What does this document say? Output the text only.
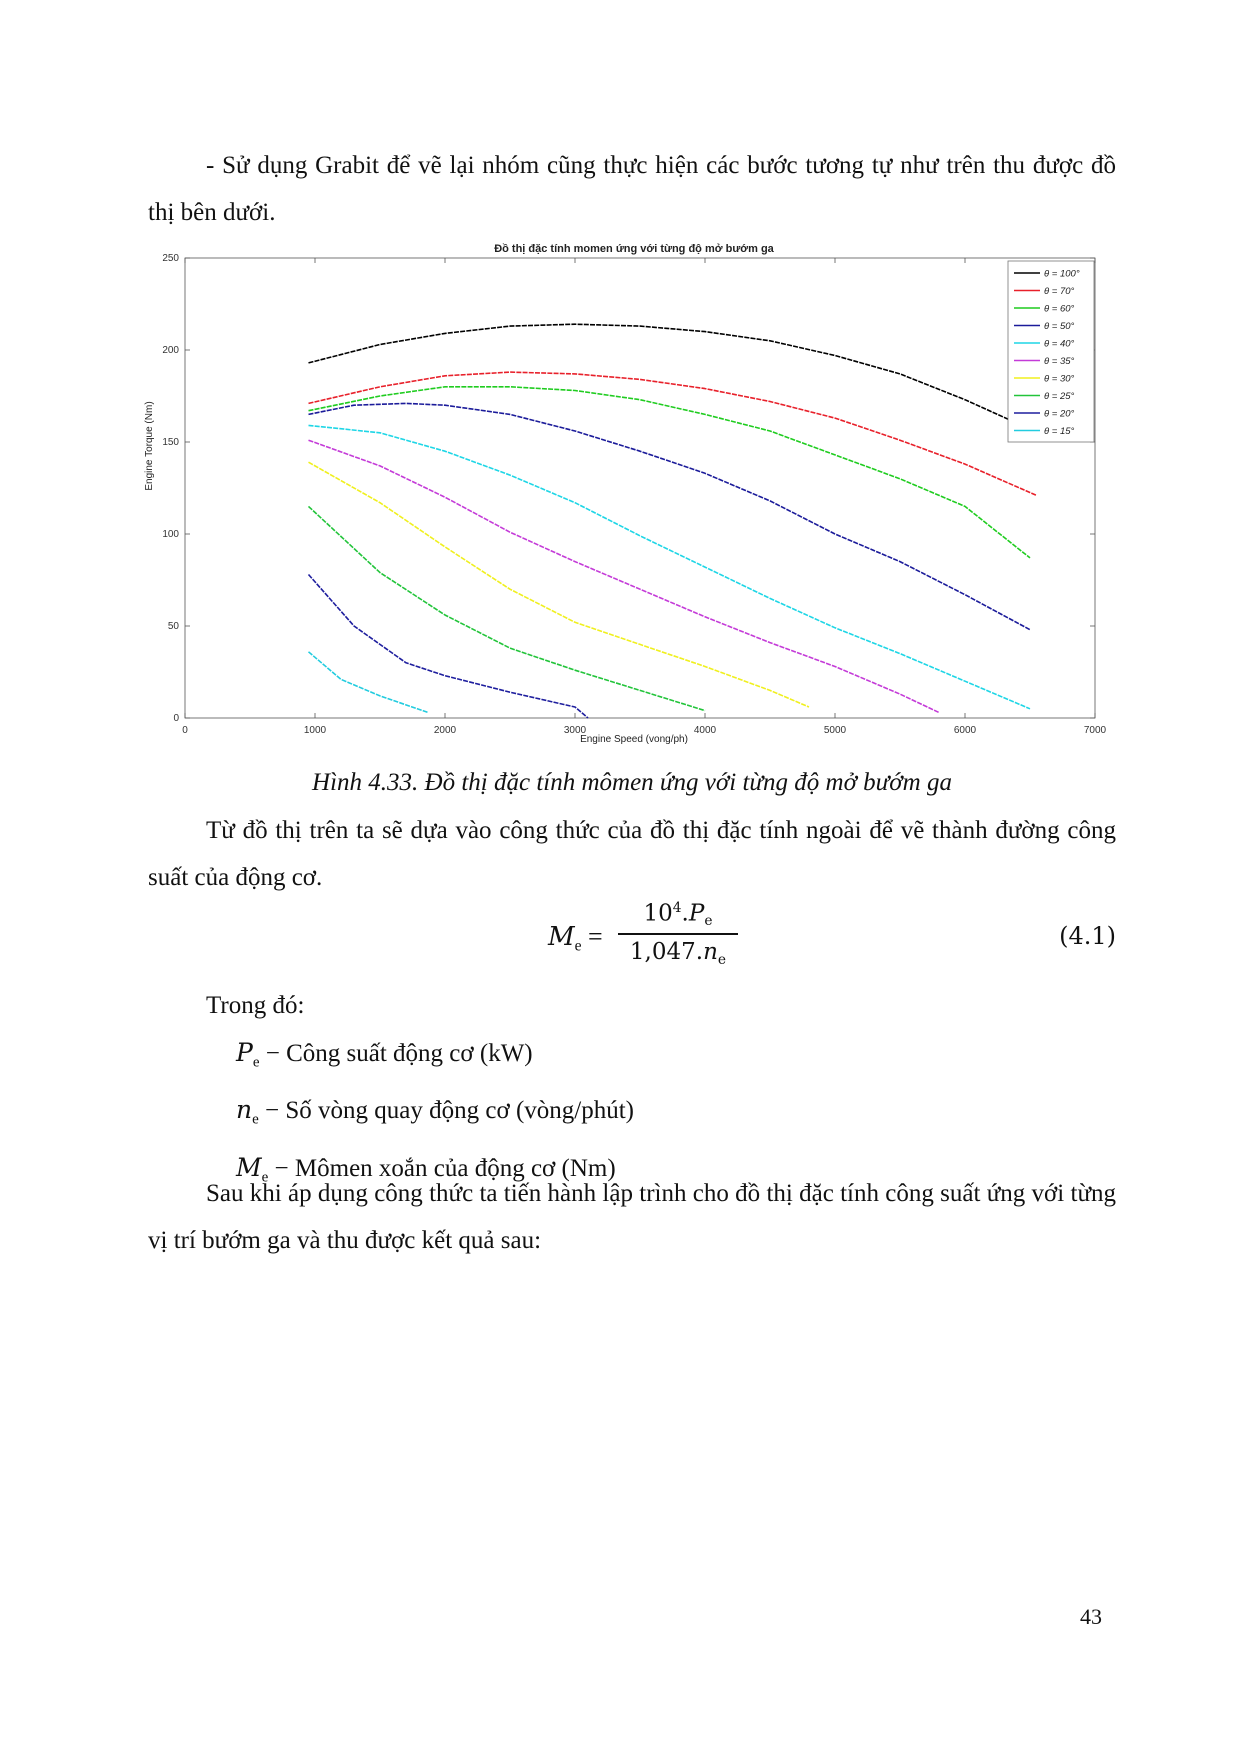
- Sử dụng Grabit để vẽ lại nhóm cũng thực hiện các bước tương tự như trên thu được đồ thị bên dưới.

Đồ thị đặc tính momen ứng với từng độ mở bướm ga
Engine Torque (Nm)
Engine Speed (vong/ph)
0	1000	2000	3000	4000	5000	6000	7000
0
50
100
150
200
250
θ = 100°
θ = 70°
θ = 60°
θ = 50°
θ = 40°
θ = 35°
θ = 30°
θ = 25°
θ = 20°
θ = 15°

Hình 4.33. Đồ thị đặc tính mômen ứng với từng độ mở bướm ga

Từ đồ thị trên ta sẽ dựa vào công thức của đồ thị đặc tính ngoài để vẽ thành đường công suất của động cơ.

$M_e = \frac{10^4.P_e}{1,047.n_e}$	(4.1)

Trong đó:

$P_e$ − Công suất động cơ (kW)
$n_e$ − Số vòng quay động cơ (vòng/phút)
$M_e$ − Mômen xoắn của động cơ (Nm)

Sau khi áp dụng công thức ta tiến hành lập trình cho đồ thị đặc tính công suất ứng với từng vị trí bướm ga và thu được kết quả sau:

43
